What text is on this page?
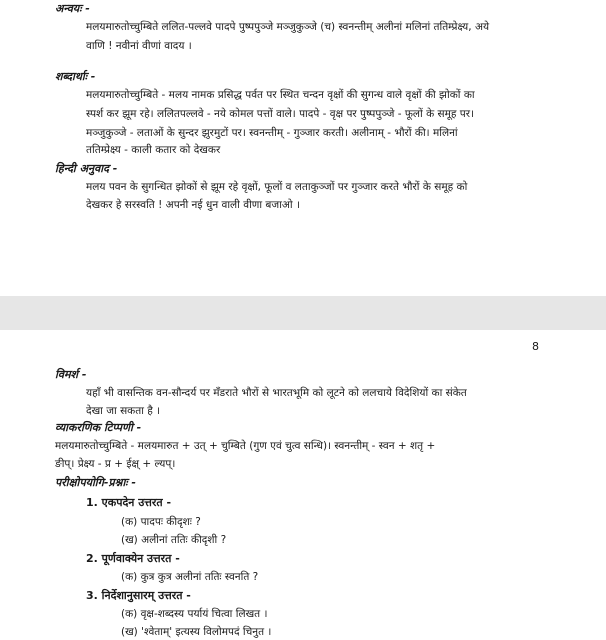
अन्वयः -
मलयमारुतोच्चुम्बिते ललित-पल्लवे पादपे पुष्पपुञ्जे मञ्जुकुञ्जे (च) स्वनन्तीम् अलीनां मलिनां ततिम्प्रेक्ष्य, अये
वाणि ! नवीनां वीणां वादय ।
शब्दार्थाः -
मलयमारुतोच्चुम्बिते - मलय नामक प्रसिद्ध पर्वत पर स्थित चन्दन वृक्षों की सुगन्ध वाले वृक्षों की झोकों का
स्पर्श कर झूम रहे। ललितपल्लवे - नये कोमल पत्तों वाले। पादपे - वृक्ष पर पुष्पपुञ्जे - फूलों के समूह पर।
मञ्जुकुञ्जे - लताओं के सुन्दर झुरमुटों पर। स्वनन्तीम् - गुञ्जार करती। अलीनाम् - भौरों की। मलिनां
ततिम्प्रेक्ष्य - काली कतार को देखकर
हिन्दी अनुवाद -
मलय पवन के सुगन्धित झोकों से झूम रहे वृक्षों, फूलों व लताकुञ्जों पर गुञ्जार करते भौरों के समूह को
देखकर हे सरस्वति ! अपनी नई धुन वाली वीणा बजाओ ।
8
विमर्श -
यहाँ भी वासन्तिक वन-सौन्दर्य पर मँडराते भौरों से भारतभूमि को लूटने को ललचाये विदेशियों का संकेत
देखा जा सकता है ।
व्याकरणिक टिप्पणी -
मलयमारुतोच्चुम्बिते - मलयमारुत + उत् + चुम्बिते (गुण एवं चुत्व सन्धि)। स्वनन्तीम् - स्वन + शतृ +
ङीप्। प्रेक्ष्य - प्र + ईक्ष् + ल्यप्।
परीक्षोपयोगि-प्रश्नाः -
1. एकपदेन उत्तरत -
(क) पादपः कीदृशः ?
(ख) अलीनां ततिः कीदृशी ?
2. पूर्णवाक्येन उत्तरत -
(क) कुत्र कुत्र अलीनां ततिः स्वनति ?
3. निर्देशानुसारम् उत्तरत -
(क) वृक्ष-शब्दस्य पर्यायं चित्वा लिखत ।
(ख) 'श्वेताम्' इत्यस्य विलोमपदं चिनुत ।
